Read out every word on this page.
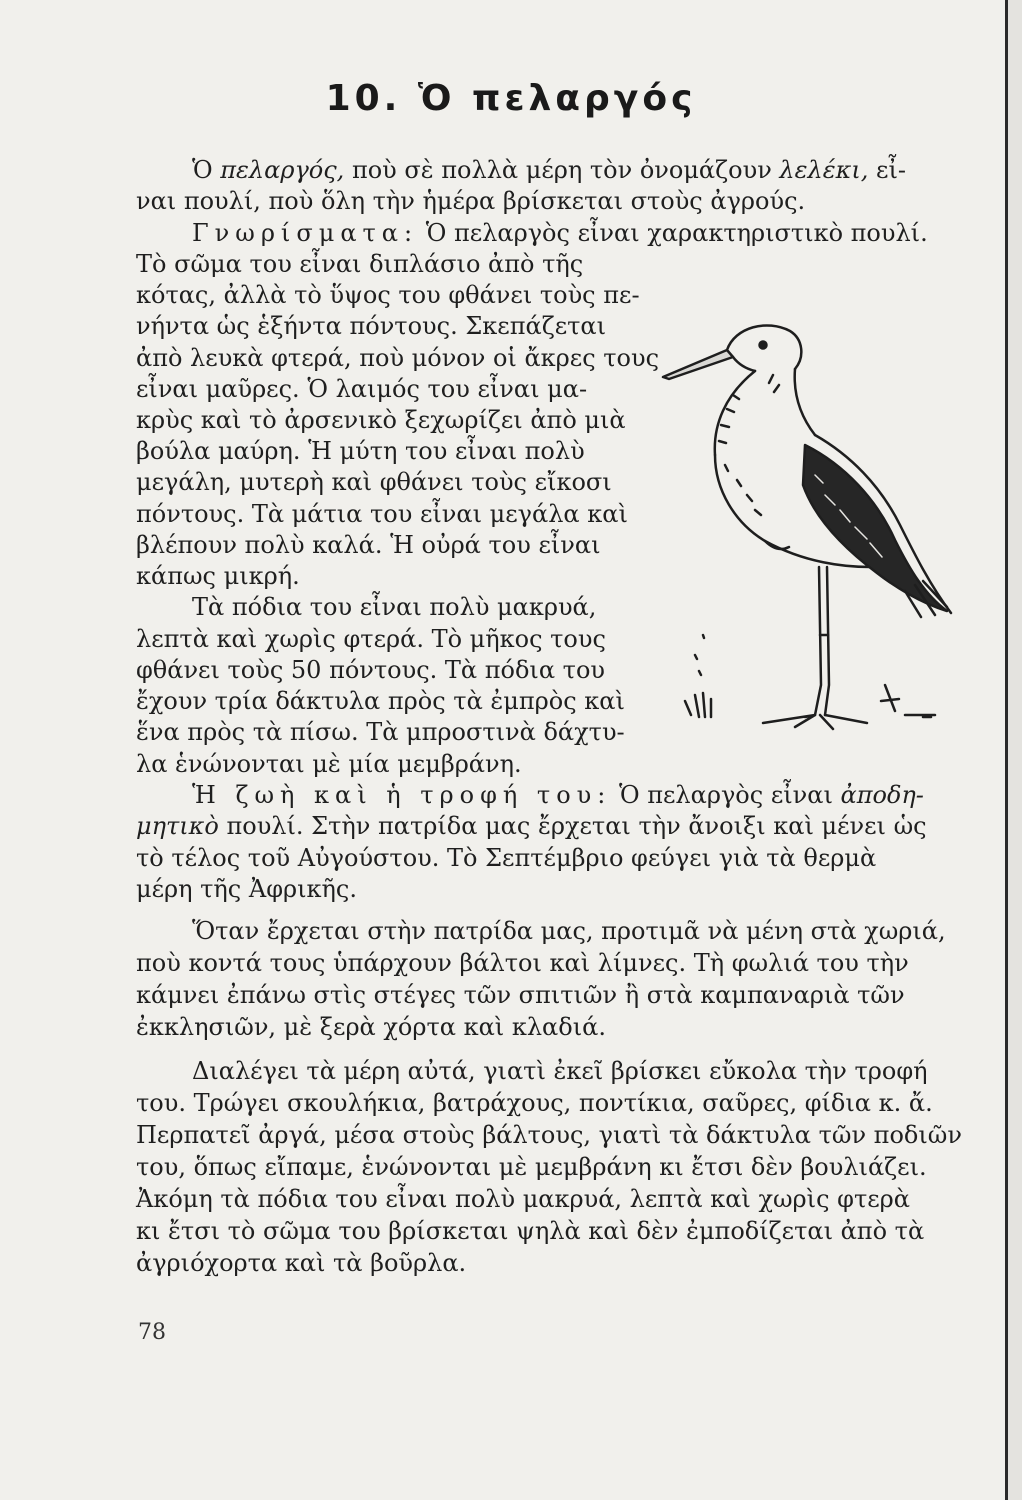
10. Ὁ πελαργός
Ὁ πελαργός, ποὺ σὲ πολλὰ μέρη τὸν ὀνομάζουν λελέκι, εἶ-
ναι πουλί, ποὺ ὅλη τὴν ἡμέρα βρίσκεται στοὺς ἀγρούς.
Γνωρίσματα: Ὁ πελαργὸς εἶναι χαρακτηριστικὸ πουλί.
Τὸ σῶμα του εἶναι διπλάσιο ἀπὸ τῆς
κότας, ἀλλὰ τὸ ὕψος του φθάνει τοὺς πε-
νήντα ὡς ἑξήντα πόντους. Σκεπάζεται
ἀπὸ λευκὰ φτερά, ποὺ μόνον οἱ ἄκρες τους
εἶναι μαῦρες. Ὁ λαιμός του εἶναι μα-
κρὺς καὶ τὸ ἀρσενικὸ ξεχωρίζει ἀπὸ μιὰ
βούλα μαύρη. Ἡ μύτη του εἶναι πολὺ
μεγάλη, μυτερὴ καὶ φθάνει τοὺς εἴκοσι
πόντους. Τὰ μάτια του εἶναι μεγάλα καὶ
βλέπουν πολὺ καλά. Ἡ οὐρά του εἶναι
κάπως μικρή.
Τὰ πόδια του εἶναι πολὺ μακρυά,
λεπτὰ καὶ χωρὶς φτερά. Τὸ μῆκος τους
φθάνει τοὺς 50 πόντους. Τὰ πόδια του
ἔχουν τρία δάκτυλα πρὸς τὰ ἐμπρὸς καὶ
ἕνα πρὸς τὰ πίσω. Τὰ μπροστινὰ δάχτυ-
λα ἑνώνονται μὲ μία μεμβράνη.
Ἡ ζωὴ καὶ ἡ τροφή του: Ὁ πελαργὸς εἶναι ἀποδη-
μητικὸ πουλί. Στὴν πατρίδα μας ἔρχεται τὴν ἄνοιξι καὶ μένει ὡς
τὸ τέλος τοῦ Αὐγούστου. Τὸ Σεπτέμβριο φεύγει γιὰ τὰ θερμὰ
μέρη τῆς Ἀφρικῆς.
Ὅταν ἔρχεται στὴν πατρίδα μας, προτιμᾶ νὰ μένη στὰ χωριά,
ποὺ κοντά τους ὑπάρχουν βάλτοι καὶ λίμνες. Τὴ φωλιά του τὴν
κάμνει ἐπάνω στὶς στέγες τῶν σπιτιῶν ἢ στὰ καμπαναριὰ τῶν
ἐκκλησιῶν, μὲ ξερὰ χόρτα καὶ κλαδιά.
Διαλέγει τὰ μέρη αὐτά, γιατὶ ἐκεῖ βρίσκει εὔκολα τὴν τροφή
του. Τρώγει σκουλήκια, βατράχους, ποντίκια, σαῦρες, φίδια κ. ἄ.
Περπατεῖ ἀργά, μέσα στοὺς βάλτους, γιατὶ τὰ δάκτυλα τῶν ποδιῶν
του, ὅπως εἴπαμε, ἑνώνονται μὲ μεμβράνη κι ἔτσι δὲν βουλιάζει.
Ἀκόμη τὰ πόδια του εἶναι πολὺ μακρυά, λεπτὰ καὶ χωρὶς φτερὰ
κι ἔτσι τὸ σῶμα του βρίσκεται ψηλὰ καὶ δὲν ἐμποδίζεται ἀπὸ τὰ
ἀγριόχορτα καὶ τὰ βοῦρλα.
78
